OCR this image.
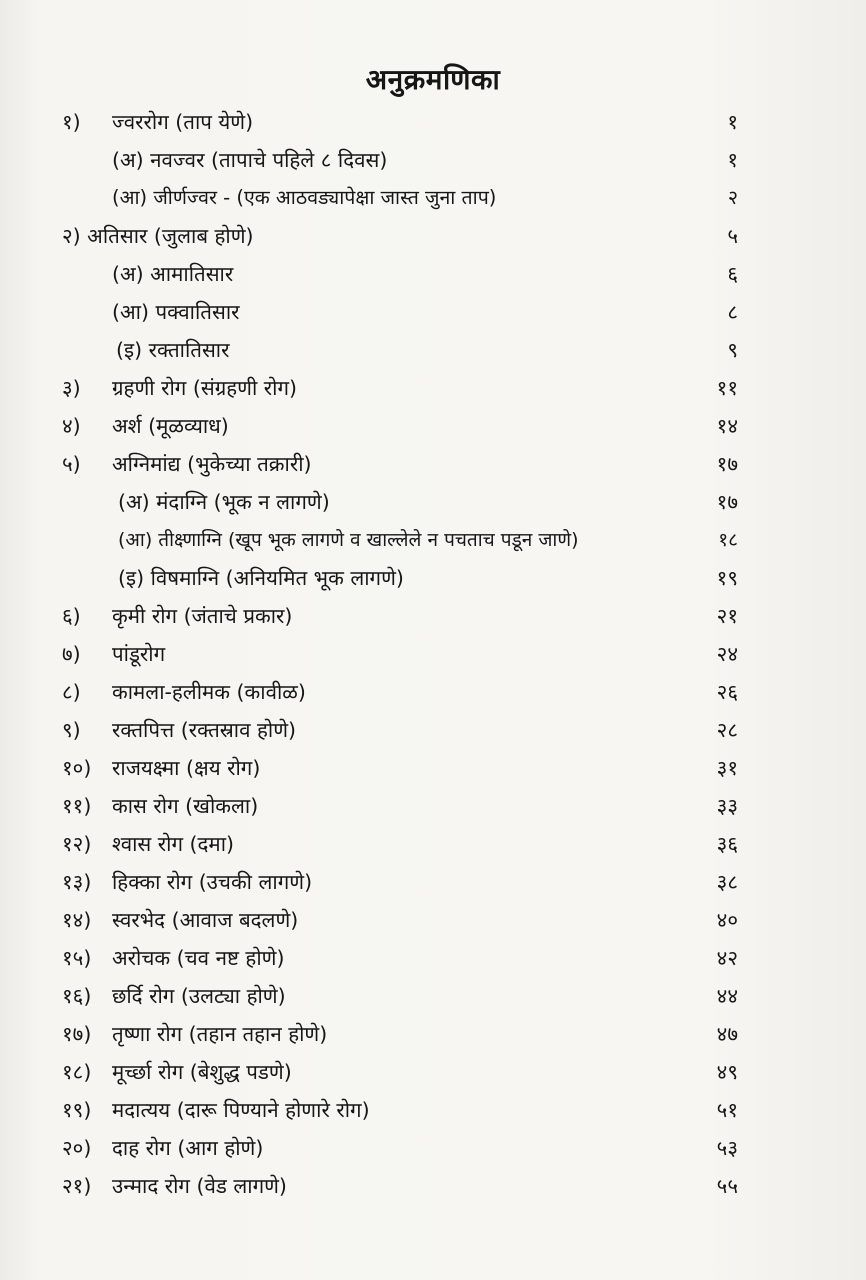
अनुक्रमणिका
१) ज्वररोग (ताप येणे)	१
(अ) नवज्वर (तापाचे पहिले ८ दिवस)	१
(आ) जीर्णज्वर - (एक आठवड्यापेक्षा जास्त जुना ताप)	२
२) अतिसार (जुलाब होणे)	५
(अ) आमातिसार	६
(आ) पक्वातिसार	८
(इ) रक्तातिसार	९
३) ग्रहणी रोग (संग्रहणी रोग)	११
४) अर्श (मूळव्याध)	१४
५) अग्निमांद्य (भुकेच्या तक्रारी)	१७
(अ) मंदाग्नि (भूक न लागणे)	१७
(आ) तीक्ष्णाग्नि (खूप भूक लागणे व खाल्लेले न पचताच पडून जाणे)	१८
(इ) विषमाग्नि (अनियमित भूक लागणे)	१९
६) कृमी रोग (जंताचे प्रकार)	२१
७) पांडूरोग	२४
८) कामला-हलीमक (कावीळ)	२६
९) रक्तपित्त (रक्तस्राव होणे)	२८
१०) राजयक्ष्मा (क्षय रोग)	३१
११) कास रोग (खोकला)	३३
१२) श्वास रोग (दमा)	३६
१३) हिक्का रोग (उचकी लागणे)	३८
१४) स्वरभेद (आवाज बदलणे)	४०
१५) अरोचक (चव नष्ट होणे)	४२
१६) छर्दि रोग (उलट्या होणे)	४४
१७) तृष्णा रोग (तहान तहान होणे)	४७
१८) मूर्च्छा रोग (बेशुद्ध पडणे)	४९
१९) मदात्यय (दारू पिण्याने होणारे रोग)	५१
२०) दाह रोग (आग होणे)	५३
२१) उन्माद रोग (वेड लागणे)	५५
